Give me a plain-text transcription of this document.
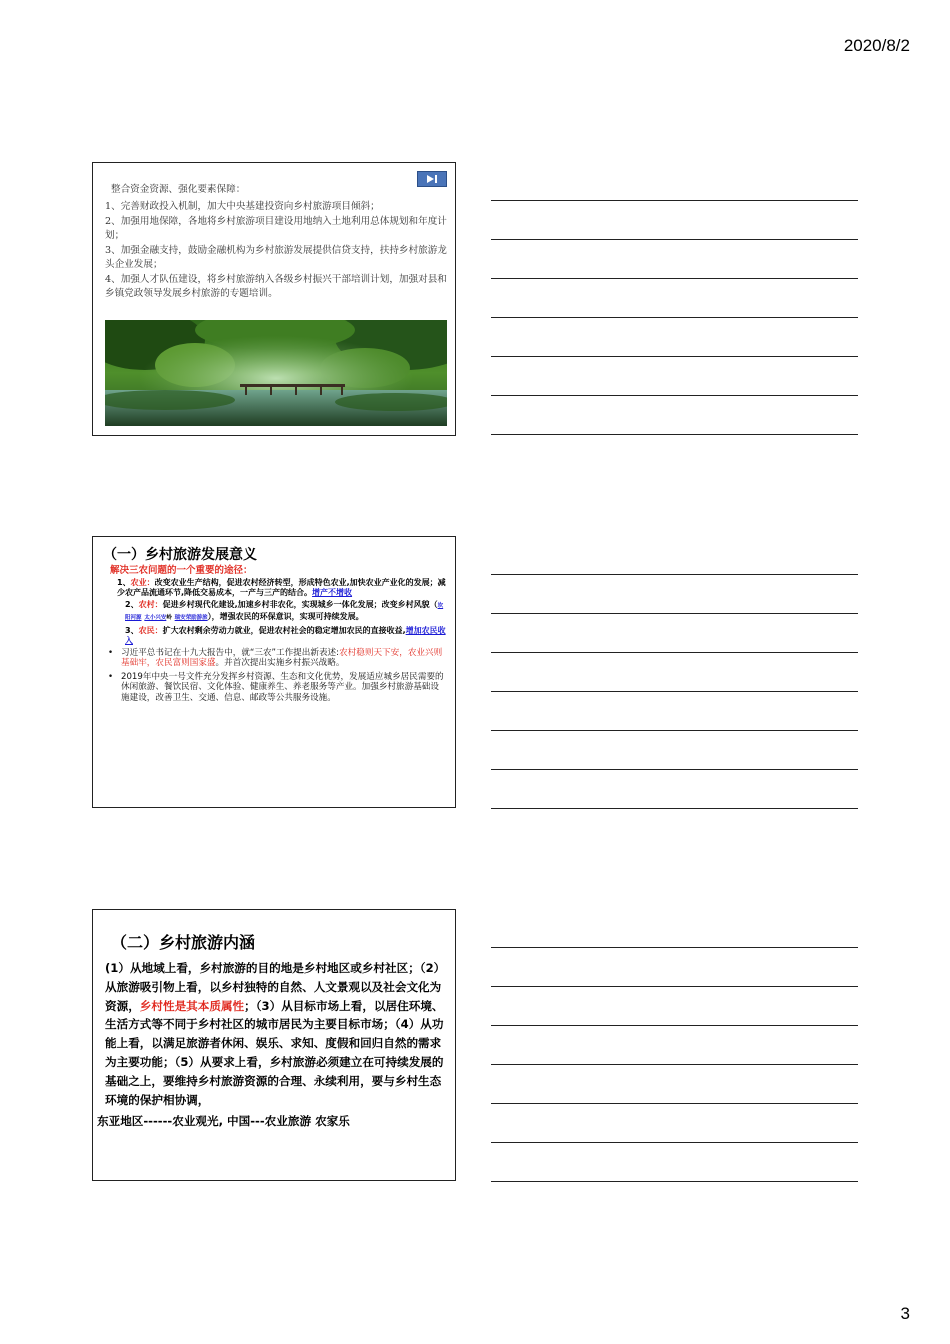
2020/8/2

整合资金资源、强化要素保障：

1、完善财政投入机制，加大中央基建投资向乡村旅游项目倾斜；

2、加强用地保障，各地将乡村旅游项目建设用地纳入土地利用总体规划和年度计划；

3、加强金融支持，鼓励金融机构为乡村旅游发展提供信贷支持，扶持乡村旅游龙头企业发展；

4、加强人才队伍建设，将乡村旅游纳入各级乡村振兴干部培训计划，加强对县和乡镇党政领导发展乡村旅游的专题培训。

（一）乡村旅游发展意义
解决三农问题的一个重要的途径：
1、农业：改变农业生产结构，促进农村经济转型，形成特色农业,加快农业产业化的发展；减少农产品流通环节,降低交易成本，一产与三产的结合。增产不增收
2、农村：促进乡村现代化建设,加速乡村非农化，实现城乡一体化发展；改变乡村风貌（坎阳河源 太小兴安岭 瑞安荣励游旅），增强农民的环保意识，实现可持续发展。
3、农民：扩大农村剩余劳动力就业，促进农村社会的稳定增加农民的直接收益,增加农民收入
• 习近平总书记在十九大报告中，就“三农”工作提出新表述:农村稳则天下安，农业兴则基础牢，农民富则国家盛。并首次提出实施乡村振兴战略。
• 2019年中央一号文件充分发挥乡村资源、生态和文化优势，发展适应城乡居民需要的休闲旅游、餐饮民宿、文化体验、健康养生、养老服务等产业。加强乡村旅游基础设施建设，改善卫生、交通、信息、邮政等公共服务设施。
（二）乡村旅游内涵
(1）从地域上看，乡村旅游的目的地是乡村地区或乡村社区；（2）从旅游吸引物上看，以乡村独特的自然、人文景观以及社会文化为资源，乡村性是其本质属性；（3）从目标市场上看，以居住环境、生活方式等不同于乡村社区的城市居民为主要目标市场；（4）从功能上看，以满足旅游者休闲、娱乐、求知、度假和回归自然的需求为主要功能；（5）从要求上看，乡村旅游必须建立在可持续发展的基础之上，要维持乡村旅游资源的合理、永续利用，要与乡村生态环境的保护相协调，
东亚地区------农业观光, 中国---农业旅游 农家乐
3
